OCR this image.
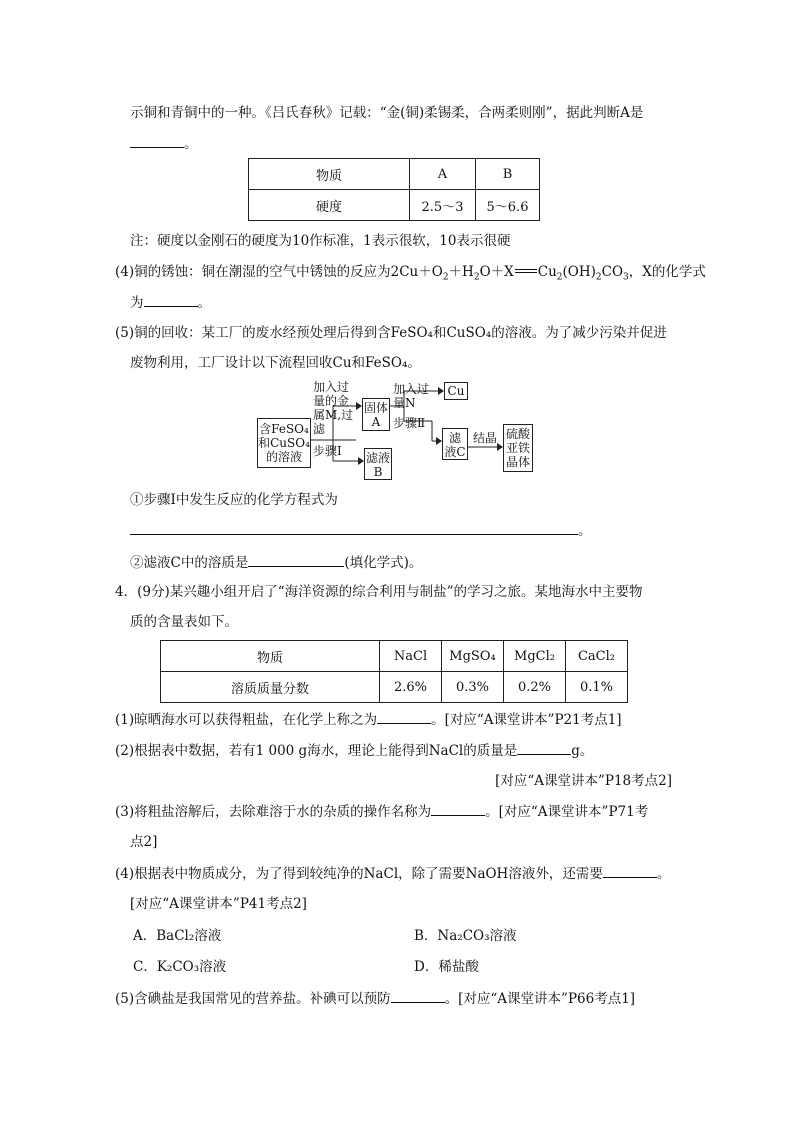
示铜和青铜中的一种。《吕氏春秋》记载：“金(铜)柔锡柔，合两柔则刚”，据此判断A是
。
物质	A	B
硬度	2.5～3	5～6.6
注：硬度以金刚石的硬度为10作标准，1表示很软，10表示很硬
(4)铜的锈蚀：铜在潮湿的空气中锈蚀的反应为$2Cu+O_2+H_2O+X$ $Cu_2(OH)_2CO_3$，X的化学式
为	。
(5)铜的回收：某工厂的废水经预处理后得到含FeSO₄和CuSO₄的溶液。为了减少污染并促进
废物利用，工厂设计以下流程回收Cu和FeSO₄。
含FeSO₄
和CuSO₄
的溶液
加入过
量的金
属M,过
滤
步骤Ⅰ
固体
A
滤液
B
加入过
量N
步骤Ⅱ
Cu
滤
液C
结晶 硫酸
亚铁
晶体
①步骤Ⅰ中发生反应的化学方程式为
。
②滤液C中的溶质是	(填化学式)。
4．(9分)某兴趣小组开启了“海洋资源的综合利用与制盐”的学习之旅。某地海水中主要物
质的含量表如下。
物质	NaCl	MgSO₄	MgCl₂	CaCl₂
溶质质量分数	2.6%	0.3%	0.2%	0.1%
(1)晾晒海水可以获得粗盐，在化学上称之为	。[对应“A课堂讲本”P21考点1]
(2)根据表中数据，若有1 000 g海水，理论上能得到NaCl的质量是	g。
[对应“A课堂讲本”P18考点2]
(3)将粗盐溶解后，去除难溶于水的杂质的操作名称为	。[对应“A课堂讲本”P71考
点2]
(4)根据表中物质成分，为了得到较纯净的NaCl，除了需要NaOH溶液外，还需要	。
[对应“A课堂讲本”P41考点2]
A．BaCl₂溶液	B．Na₂CO₃溶液
C．K₂CO₃溶液	D．稀盐酸
(5)含碘盐是我国常见的营养盐。补碘可以预防	。[对应“A课堂讲本”P66考点1]
